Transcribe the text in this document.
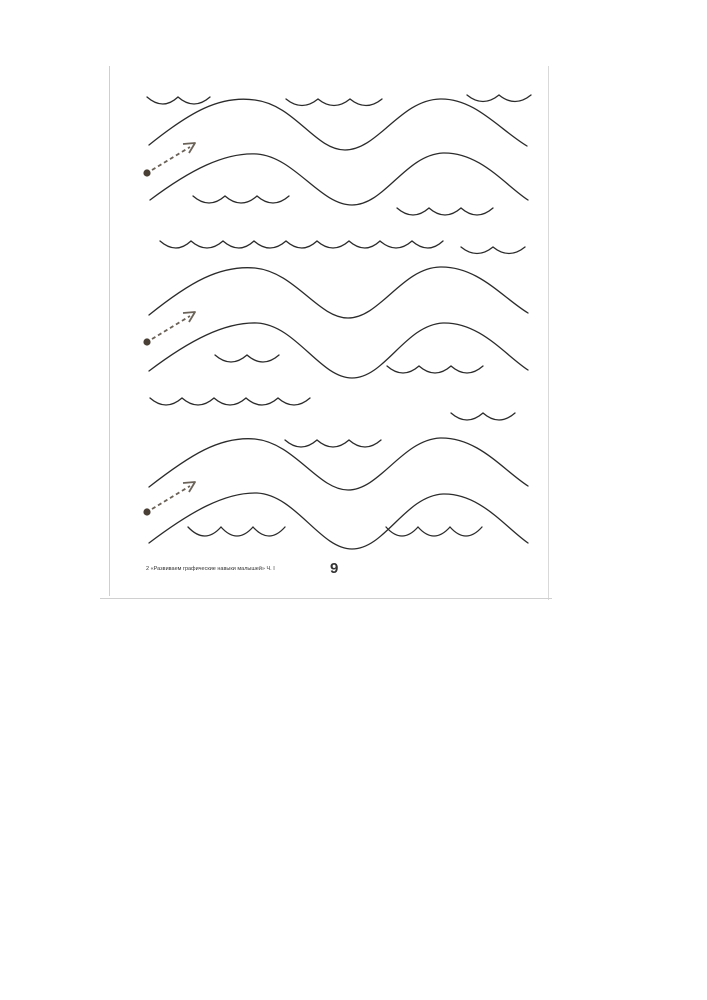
2 «Развиваем графические навыки малышей» Ч. I	9
